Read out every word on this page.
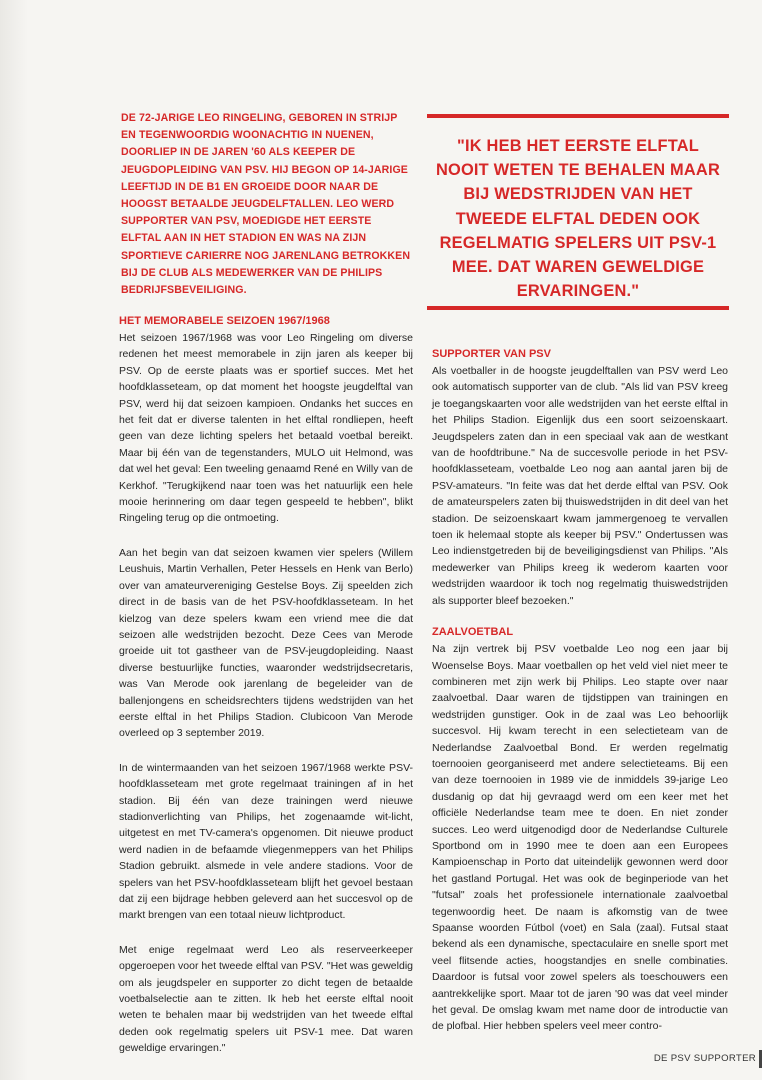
DE 72-JARIGE LEO RINGELING, GEBOREN IN STRIJP EN TEGENWOORDIG WOONACHTIG IN NUENEN, DOORLIEP IN DE JAREN '60 ALS KEEPER DE JEUGDOPLEIDING VAN PSV. HIJ BEGON OP 14-JARIGE LEEFTIJD IN DE B1 EN GROEIDE DOOR NAAR DE HOOGST BETAALDE JEUGDELFTALLEN. LEO WERD SUPPORTER VAN PSV, MOEDIGDE HET EERSTE ELFTAL AAN IN HET STADION EN WAS NA ZIJN SPORTIEVE CARIERRE NOG JARENLANG BETROKKEN BIJ DE CLUB ALS MEDEWERKER VAN DE PHILIPS BEDRIJFSBEVEILIGING.
"IK HEB HET EERSTE ELFTAL NOOIT WETEN TE BEHALEN MAAR BIJ WEDSTRIJDEN VAN HET TWEEDE ELFTAL DEDEN OOK REGELMATIG SPELERS UIT PSV-1 MEE. DAT WAREN GEWELDIGE ERVARINGEN."
HET MEMORABELE SEIZOEN 1967/1968

Het seizoen 1967/1968 was voor Leo Ringeling om diverse redenen het meest memorabele in zijn jaren als keeper bij PSV. Op de eerste plaats was er sportief succes. Met het hoofdklasseteam, op dat moment het hoogste jeugdelftal van PSV, werd hij dat seizoen kampioen. Ondanks het succes en het feit dat er diverse talenten in het elftal rondliepen, heeft geen van deze lichting spelers het betaald voetbal bereikt. Maar bij één van de tegenstanders, MULO uit Helmond, was dat wel het geval: Een tweeling genaamd René en Willy van de Kerkhof. "Terugkijkend naar toen was het natuurlijk een hele mooie herinnering om daar tegen gespeeld te hebben", blikt Ringeling terug op die ontmoeting.

Aan het begin van dat seizoen kwamen vier spelers (Willem Leushuis, Martin Verhallen, Peter Hessels en Henk van Berlo) over van amateurvereniging Gestelse Boys. Zij speelden zich direct in de basis van de het PSV-hoofdklasseteam. In het kielzog van deze spelers kwam een vriend mee die dat seizoen alle wedstrijden bezocht. Deze Cees van Merode groeide uit tot gastheer van de PSV-jeugdopleiding. Naast diverse bestuurlijke functies, waaronder wedstrijdsecretaris, was Van Merode ook jarenlang de begeleider van de ballenjongens en scheidsrechters tijdens wedstrijden van het eerste elftal in het Philips Stadion. Clubicoon Van Merode overleed op 3 september 2019.

In de wintermaanden van het seizoen 1967/1968 werkte PSV-hoofdklasseteam met grote regelmaat trainingen af in het stadion. Bij één van deze trainingen werd nieuwe stadionverlichting van Philips, het zogenaamde wit-licht, uitgetest en met TV-camera's opgenomen. Dit nieuwe product werd nadien in de befaamde vliegenmeppers van het Philips Stadion gebruikt. alsmede in vele andere stadions. Voor de spelers van het PSV-hoofdklasseteam blijft het gevoel bestaan dat zij een bijdrage hebben geleverd aan het succesvol op de markt brengen van een totaal nieuw lichtproduct.

Met enige regelmaat werd Leo als reserveerkeeper opgeroepen voor het tweede elftal van PSV. "Het was geweldig om als jeugdspeler en supporter zo dicht tegen de betaalde voetbalselectie aan te zitten. Ik heb het eerste elftal nooit weten te behalen maar bij wedstrijden van het tweede elftal deden ook regelmatig spelers uit PSV-1 mee. Dat waren geweldige ervaringen."

SUPPORTER VAN PSV

Als voetballer in de hoogste jeugdelftallen van PSV werd Leo ook automatisch supporter van de club. "Als lid van PSV kreeg je toegangskaarten voor alle wedstrijden van het eerste elftal in het Philips Stadion. Eigenlijk dus een soort seizoenskaart. Jeugdspelers zaten dan in een speciaal vak aan de westkant van de hoofdtribune." Na de succesvolle periode in het PSV-hoofdklasseteam, voetbalde Leo nog aan aantal jaren bij de PSV-amateurs. "In feite was dat het derde elftal van PSV. Ook de amateurspelers zaten bij thuiswedstrijden in dit deel van het stadion. De seizoenskaart kwam jammergenoeg te vervallen toen ik helemaal stopte als keeper bij PSV." Ondertussen was Leo indienstgetreden bij de beveiligingsdienst van Philips. "Als medewerker van Philips kreeg ik wederom kaarten voor wedstrijden waardoor ik toch nog regelmatig thuiswedstrijden als supporter bleef bezoeken."

ZAALVOETBAL

Na zijn vertrek bij PSV voetbalde Leo nog een jaar bij Woenselse Boys. Maar voetballen op het veld viel niet meer te combineren met zijn werk bij Philips. Leo stapte over naar zaalvoetbal. Daar waren de tijdstippen van trainingen en wedstrijden gunstiger. Ook in de zaal was Leo behoorlijk succesvol. Hij kwam terecht in een selectieteam van de Nederlandse Zaalvoetbal Bond. Er werden regelmatig toernooien georganiseerd met andere selectieteams. Bij een van deze toernooien in 1989 vie de inmiddels 39-jarige Leo dusdanig op dat hij gevraagd werd om een keer met het officiële Nederlandse team mee te doen. En niet zonder succes. Leo werd uitgenodigd door de Nederlandse Culturele Sportbond om in 1990 mee te doen aan een Europees Kampioenschap in Porto dat uiteindelijk gewonnen werd door het gastland Portugal. Het was ook de beginperiode van het "futsal" zoals het professionele internationale zaalvoetbal tegenwoordig heet. De naam is afkomstig van de twee Spaanse woorden Fútbol (voet) en Sala (zaal). Futsal staat bekend als een dynamische, spectaculaire en snelle sport met veel flitsende acties, hoogstandjes en snelle combinaties. Daardoor is futsal voor zowel spelers als toeschouwers een aantrekkelijke sport. Maar tot de jaren '90 was dat veel minder het geval. De omslag kwam met name door de introductie van de plofbal. Hier hebben spelers veel meer contro-

DE PSV SUPPORTER
